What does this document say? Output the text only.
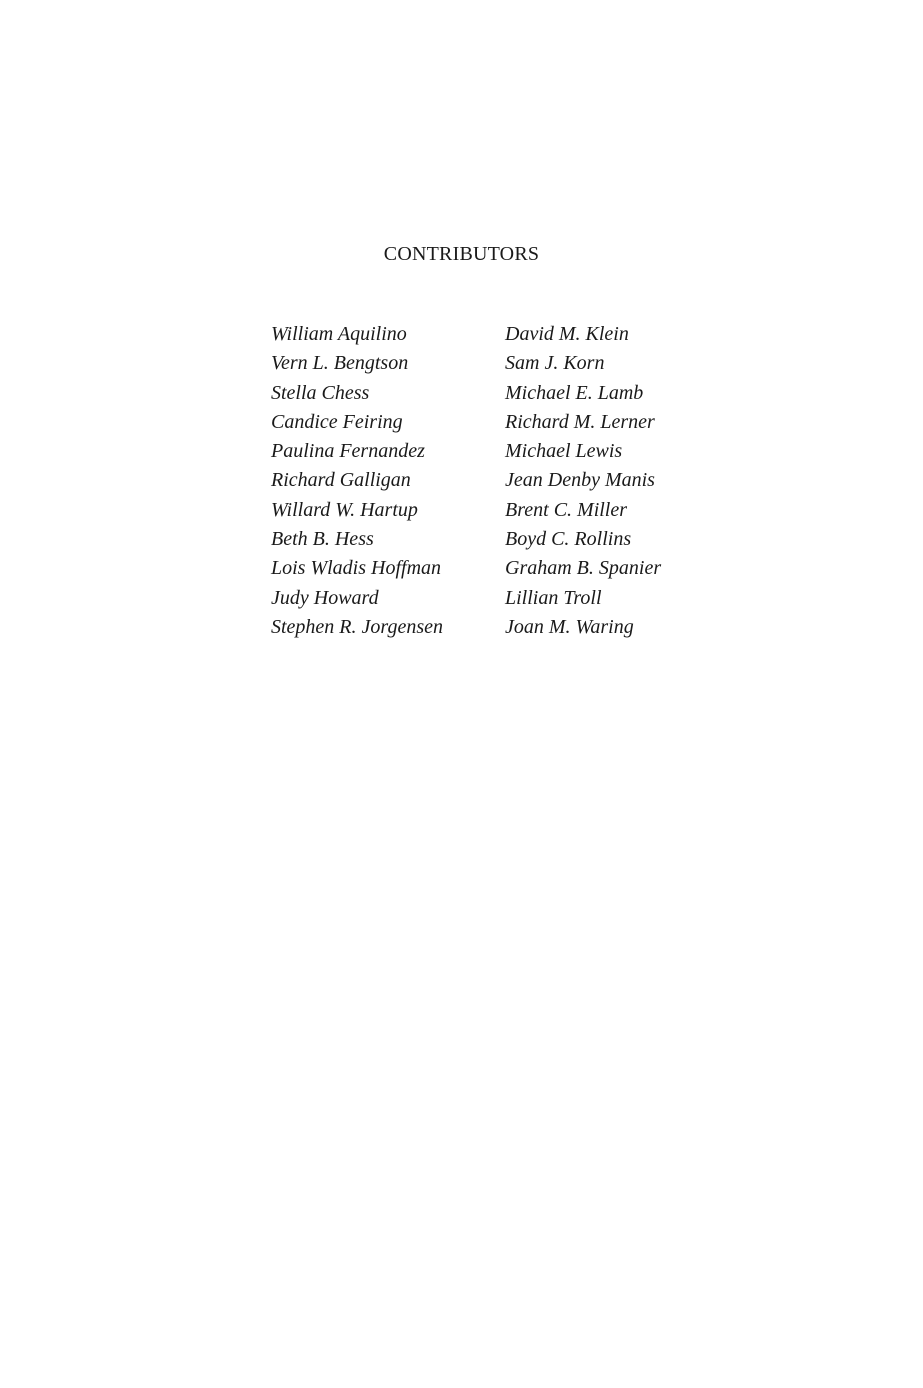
CONTRIBUTORS
William Aquilino
Vern L. Bengtson
Stella Chess
Candice Feiring
Paulina Fernandez
Richard Galligan
Willard W. Hartup
Beth B. Hess
Lois Wladis Hoffman
Judy Howard
Stephen R. Jorgensen
David M. Klein
Sam J. Korn
Michael E. Lamb
Richard M. Lerner
Michael Lewis
Jean Denby Manis
Brent C. Miller
Boyd C. Rollins
Graham B. Spanier
Lillian Troll
Joan M. Waring
